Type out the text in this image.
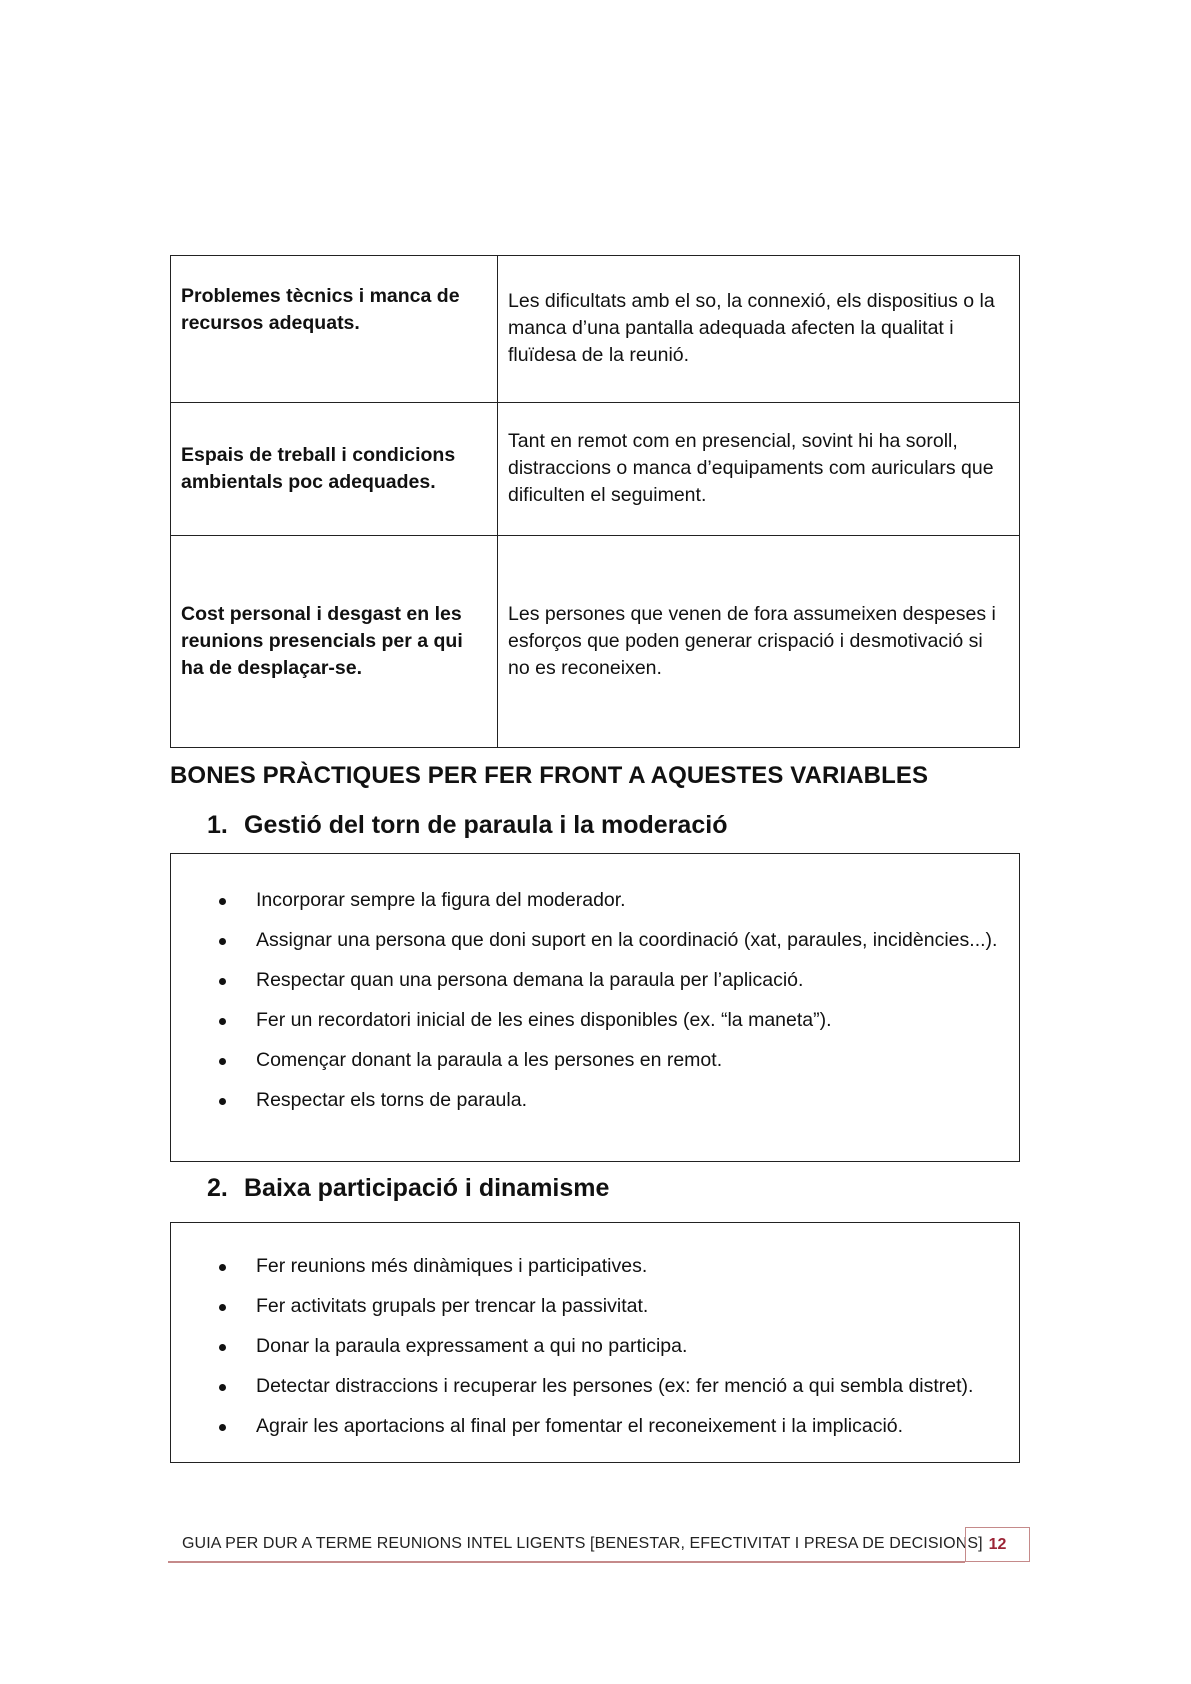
Problemes tècnics i manca de recursos adequats.	Les dificultats amb el so, la connexió, els dispositius o la manca d’una pantalla adequada afecten la qualitat i fluïdesa de la reunió.
Espais de treball i condicions ambientals poc adequades.	Tant en remot com en presencial, sovint hi ha soroll, distraccions o manca d’equipaments com auriculars que dificulten el seguiment.
Cost personal i desgast en les reunions presencials per a qui ha de desplaçar-se.	Les persones que venen de fora assumeixen despeses i esforços que poden generar crispació i desmotivació si no es reconeixen.
BONES PRÀCTIQUES PER FER FRONT A AQUESTES VARIABLES
1. Gestió del torn de paraula i la moderació
Incorporar sempre la figura del moderador.
Assignar una persona que doni suport en la coordinació (xat, paraules, incidències...).
Respectar quan una persona demana la paraula per l’aplicació.
Fer un recordatori inicial de les eines disponibles (ex. “la maneta”).
Començar donant la paraula a les persones en remot.
Respectar els torns de paraula.
2. Baixa participació i dinamisme
Fer reunions més dinàmiques i participatives.
Fer activitats grupals per trencar la passivitat.
Donar la paraula expressament a qui no participa.
Detectar distraccions i recuperar les persones (ex: fer menció a qui sembla distret).
Agrair les aportacions al final per fomentar el reconeixement i la implicació.
GUIA PER DUR A TERME REUNIONS INTEL LIGENTS [BENESTAR, EFECTIVITAT I PRESA DE DECISIONS] 12
